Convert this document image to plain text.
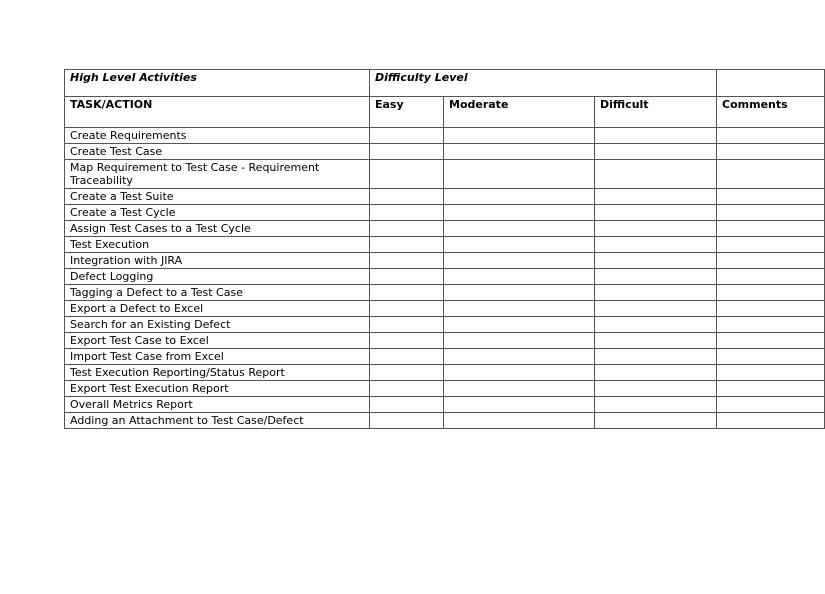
High Level Activities	Difficulty Level			
TASK/ACTION	Easy	Moderate	Difficult	Comments
Create Requirements				
Create Test Case				
Map Requirement to Test Case - Requirement Traceability				
Create a Test Suite				
Create a Test Cycle				
Assign Test Cases to a Test Cycle				
Test Execution				
Integration with JIRA				
Defect Logging				
Tagging a Defect to a Test Case				
Export a Defect to Excel				
Search for an Existing Defect				
Export Test Case to Excel				
Import Test Case from Excel				
Test Execution Reporting/Status Report				
Export Test Execution Report				
Overall Metrics Report				
Adding an Attachment to Test Case/Defect				
